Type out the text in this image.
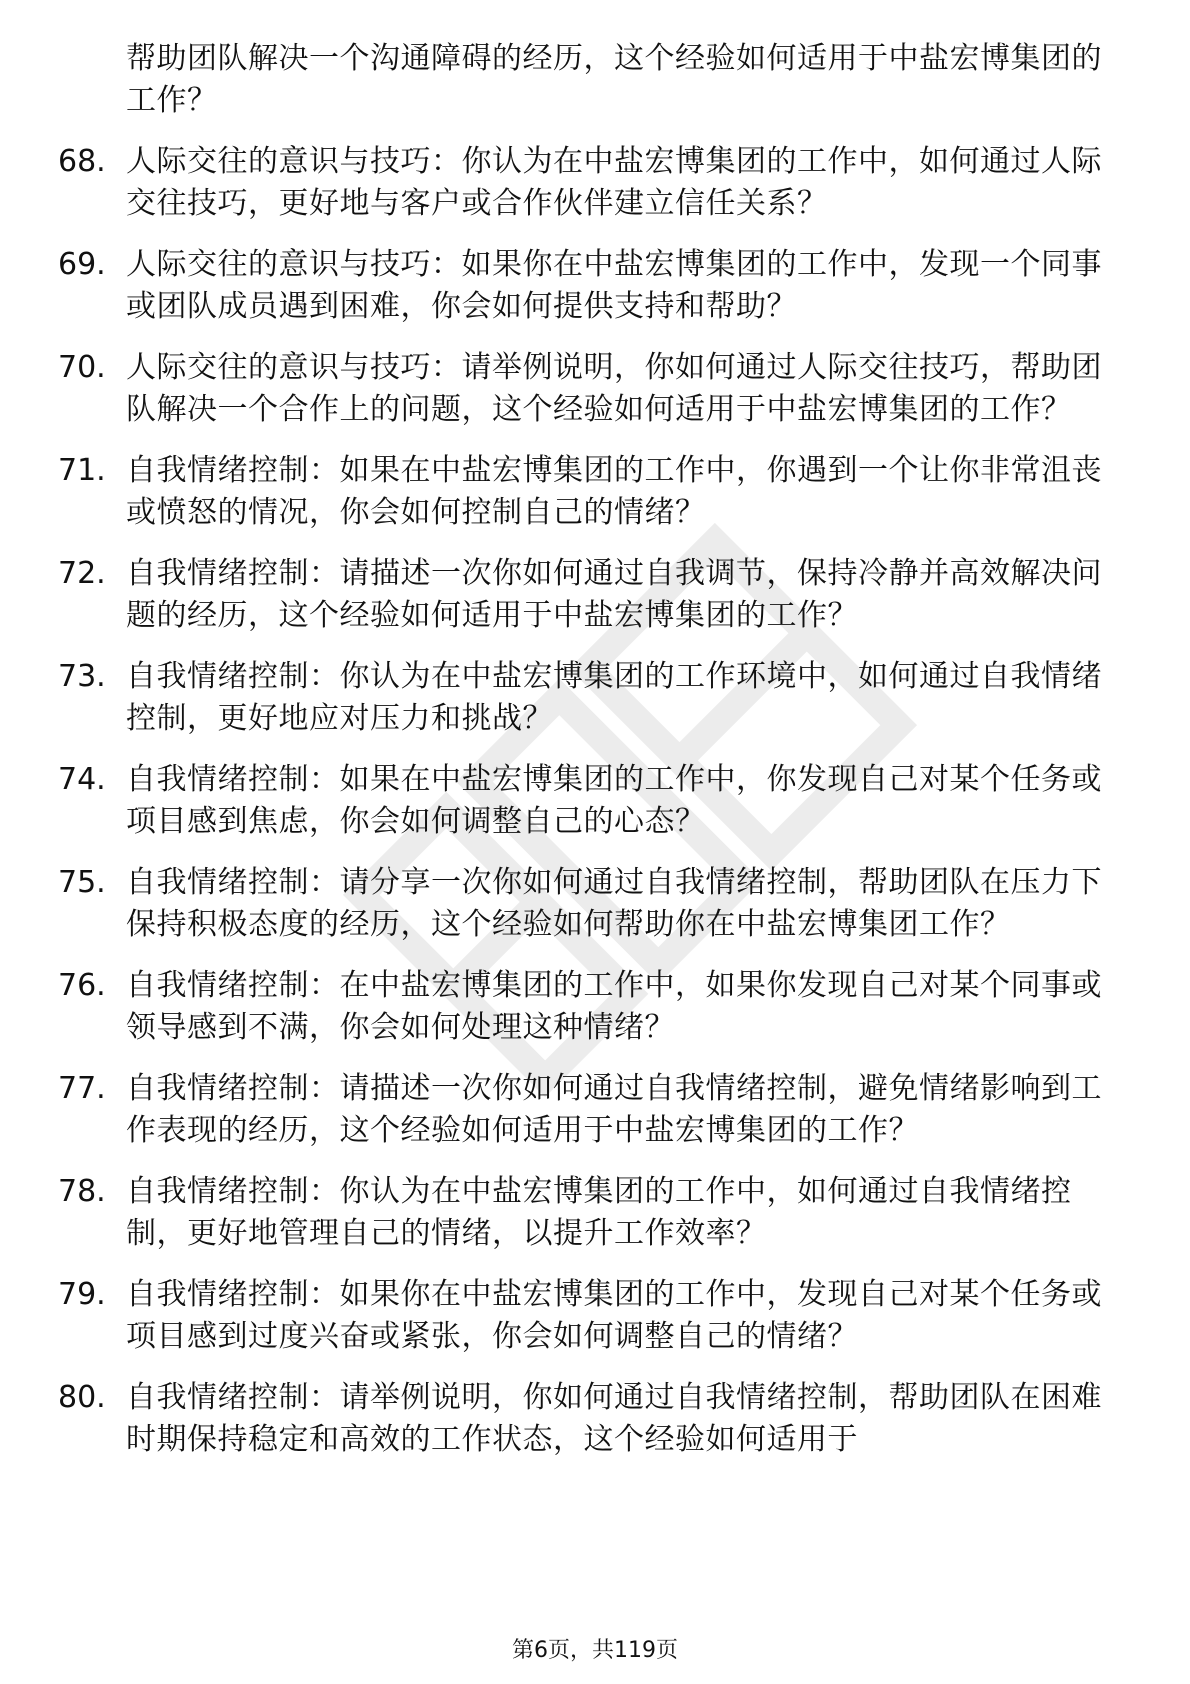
帮助团队解决一个沟通障碍的经历，这个经验如何适用于中盐宏博集团的工作？
68. 人际交往的意识与技巧：你认为在中盐宏博集团的工作中，如何通过人际交往技巧，更好地与客户或合作伙伴建立信任关系？
69. 人际交往的意识与技巧：如果你在中盐宏博集团的工作中，发现一个同事或团队成员遇到困难，你会如何提供支持和帮助？
70. 人际交往的意识与技巧：请举例说明，你如何通过人际交往技巧，帮助团队解决一个合作上的问题，这个经验如何适用于中盐宏博集团的工作？
71. 自我情绪控制：如果在中盐宏博集团的工作中，你遇到一个让你非常沮丧或愤怒的情况，你会如何控制自己的情绪？
72. 自我情绪控制：请描述一次你如何通过自我调节，保持冷静并高效解决问题的经历，这个经验如何适用于中盐宏博集团的工作？
73. 自我情绪控制：你认为在中盐宏博集团的工作环境中，如何通过自我情绪控制，更好地应对压力和挑战？
74. 自我情绪控制：如果在中盐宏博集团的工作中，你发现自己对某个任务或项目感到焦虑，你会如何调整自己的心态？
75. 自我情绪控制：请分享一次你如何通过自我情绪控制，帮助团队在压力下保持积极态度的经历，这个经验如何帮助你在中盐宏博集团工作？
76. 自我情绪控制：在中盐宏博集团的工作中，如果你发现自己对某个同事或领导感到不满，你会如何处理这种情绪？
77. 自我情绪控制：请描述一次你如何通过自我情绪控制，避免情绪影响到工作表现的经历，这个经验如何适用于中盐宏博集团的工作？
78. 自我情绪控制：你认为在中盐宏博集团的工作中，如何通过自我情绪控制，更好地管理自己的情绪，以提升工作效率？
79. 自我情绪控制：如果你在中盐宏博集团的工作中，发现自己对某个任务或项目感到过度兴奋或紧张，你会如何调整自己的情绪？
80. 自我情绪控制：请举例说明，你如何通过自我情绪控制，帮助团队在困难时期保持稳定和高效的工作状态，这个经验如何适用于
第6页，共119页
